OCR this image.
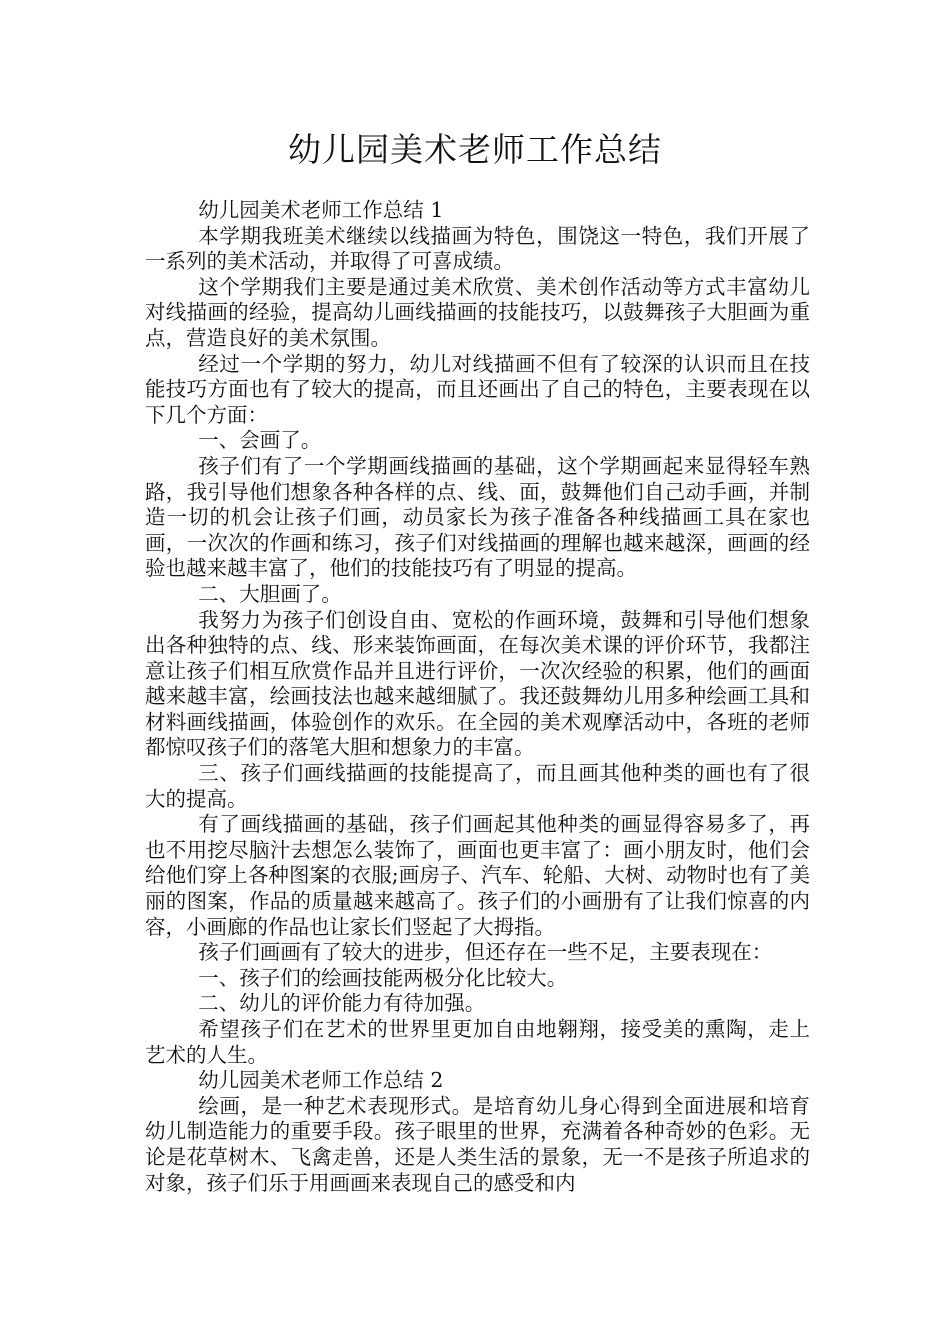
幼儿园美术老师工作总结

幼儿园美术老师工作总结 1

本学期我班美术继续以线描画为特色，围饶这一特色，我们开展了一系列的美术活动，并取得了可喜成绩。

这个学期我们主要是通过美术欣赏、美术创作活动等方式丰富幼儿对线描画的经验，提高幼儿画线描画的技能技巧，以鼓舞孩子大胆画为重点，营造良好的美术氛围。

经过一个学期的努力，幼儿对线描画不但有了较深的认识而且在技能技巧方面也有了较大的提高，而且还画出了自己的特色，主要表现在以下几个方面：

一、会画了。

孩子们有了一个学期画线描画的基础，这个学期画起来显得轻车熟路，我引导他们想象各种各样的点、线、面，鼓舞他们自己动手画，并制造一切的机会让孩子们画，动员家长为孩子准备各种线描画工具在家也画，一次次的作画和练习，孩子们对线描画的理解也越来越深，画画的经验也越来越丰富了，他们的技能技巧有了明显的提高。

二、大胆画了。

我努力为孩子们创设自由、宽松的作画环境，鼓舞和引导他们想象出各种独特的点、线、形来装饰画面，在每次美术课的评价环节，我都注意让孩子们相互欣赏作品并且进行评价，一次次经验的积累，他们的画面越来越丰富，绘画技法也越来越细腻了。我还鼓舞幼儿用多种绘画工具和材料画线描画，体验创作的欢乐。在全园的美术观摩活动中，各班的老师都惊叹孩子们的落笔大胆和想象力的丰富。

三、孩子们画线描画的技能提高了，而且画其他种类的画也有了很大的提高。

有了画线描画的基础，孩子们画起其他种类的画显得容易多了，再也不用挖尽脑汁去想怎么装饰了，画面也更丰富了：画小朋友时，他们会给他们穿上各种图案的衣服;画房子、汽车、轮船、大树、动物时也有了美丽的图案，作品的质量越来越高了。孩子们的小画册有了让我们惊喜的内容，小画廊的作品也让家长们竖起了大拇指。

孩子们画画有了较大的进步，但还存在一些不足，主要表现在：

一、孩子们的绘画技能两极分化比较大。

二、幼儿的评价能力有待加强。

希望孩子们在艺术的世界里更加自由地翱翔，接受美的熏陶，走上艺术的人生。

幼儿园美术老师工作总结 2

绘画，是一种艺术表现形式。是培育幼儿身心得到全面进展和培育幼儿制造能力的重要手段。孩子眼里的世界，充满着各种奇妙的色彩。无论是花草树木、飞禽走兽，还是人类生活的景象，无一不是孩子所追求的对象，孩子们乐于用画画来表现自己的感受和内
